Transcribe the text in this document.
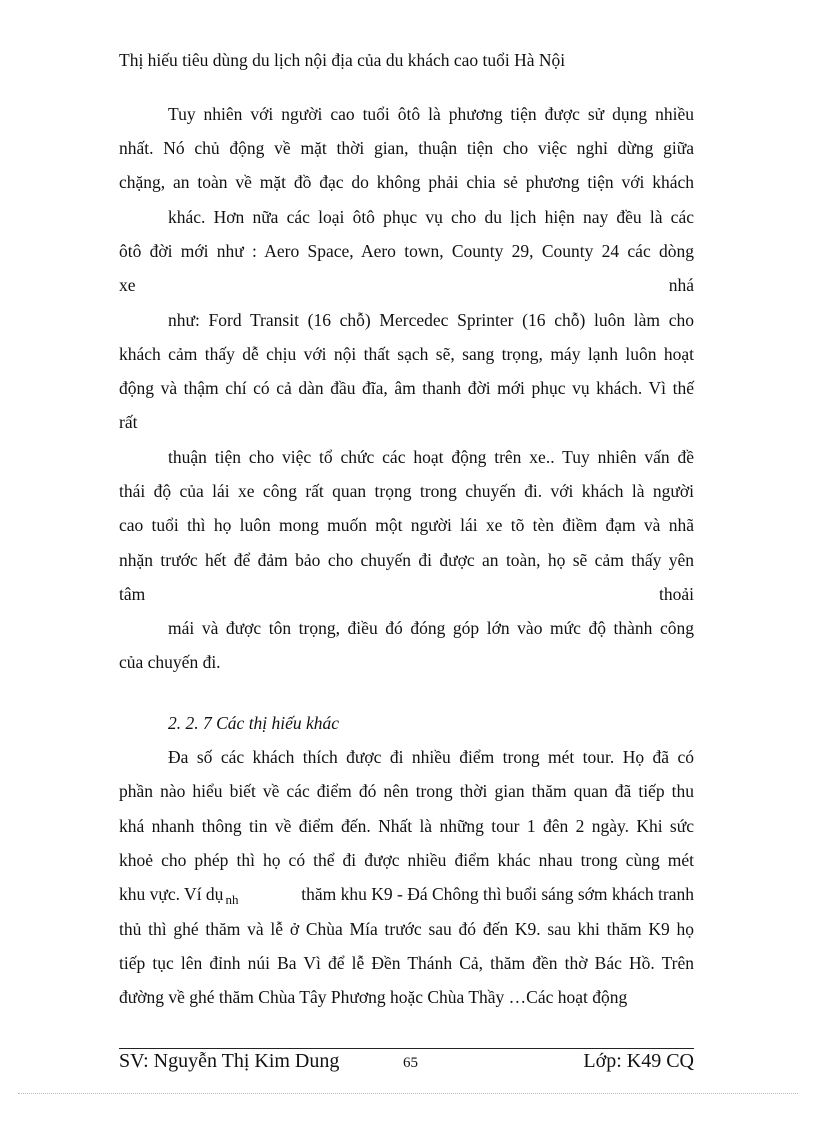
Thị hiếu tiêu dùng du lịch nội địa của du khách cao tuổi Hà Nội
Tuy nhiên với người cao tuổi ôtô là phương tiện được sử dụng nhiều
nhất. Nó chủ động về mặt thời gian, thuận tiện cho việc nghỉ dừng giữa
chặng, an toàn về mặt đồ đạc do không phải chia sẻ phương tiện với khách
khác. Hơn nữa các loại ôtô phục vụ cho du lịch hiện nay đều là các
ôtô đời mới như : Aero Space, Aero town, County 29, County 24 các dòng
xe	nhá
như: Ford Transit (16 chỗ) Mercedec Sprinter (16 chỗ) luôn làm cho
khách cảm thấy dễ chịu với nội thất sạch sẽ, sang trọng, máy lạnh luôn hoạt
động và thậm chí có cả dàn đầu đĩa, âm thanh đời mới phục vụ khách. Vì thế
rất
thuận tiện cho việc tổ chức các hoạt động trên xe.. Tuy nhiên vấn đề
thái độ của lái xe công rất quan trọng trong chuyến đi. với khách là người
cao tuổi thì họ luôn mong muốn một người lái xe tõ tèn điềm đạm và nhã
nhặn trước hết để đảm bảo cho chuyến đi được an toàn, họ sẽ cảm thấy yên
tâm	thoải
mái và được tôn trọng, điều đó đóng góp lớn vào mức độ thành công
của chuyến đi.
2. 2. 7 Các thị hiếu khác
Đa số các khách thích được đi nhiều điểm trong mét tour. Họ đã có
phần nào hiểu biết về các điểm đó nên trong thời gian thăm quan đã tiếp thu
khá nhanh thông tin về điểm đến. Nhất là những tour 1 đên 2 ngày. Khi sức
khoẻ cho phép thì họ có thể đi được nhiều điểm khác nhau trong cùng mét
khu vực. Ví dụ $_{nh}$	thăm khu K9 - Đá Chông thì buổi sáng sớm khách tranh
thủ thì ghé thăm và lễ ở Chùa Mía trước sau đó đến K9. sau khi thăm K9 họ
tiếp tục lên đỉnh núi Ba Vì để lễ Đền Thánh Cả, thăm đền thờ Bác Hồ. Trên
đường về ghé thăm Chùa Tây Phương hoặc Chùa Thầy …Các hoạt động
SV: Nguyễn Thị Kim Dung	65	Lớp: K49 CQ
